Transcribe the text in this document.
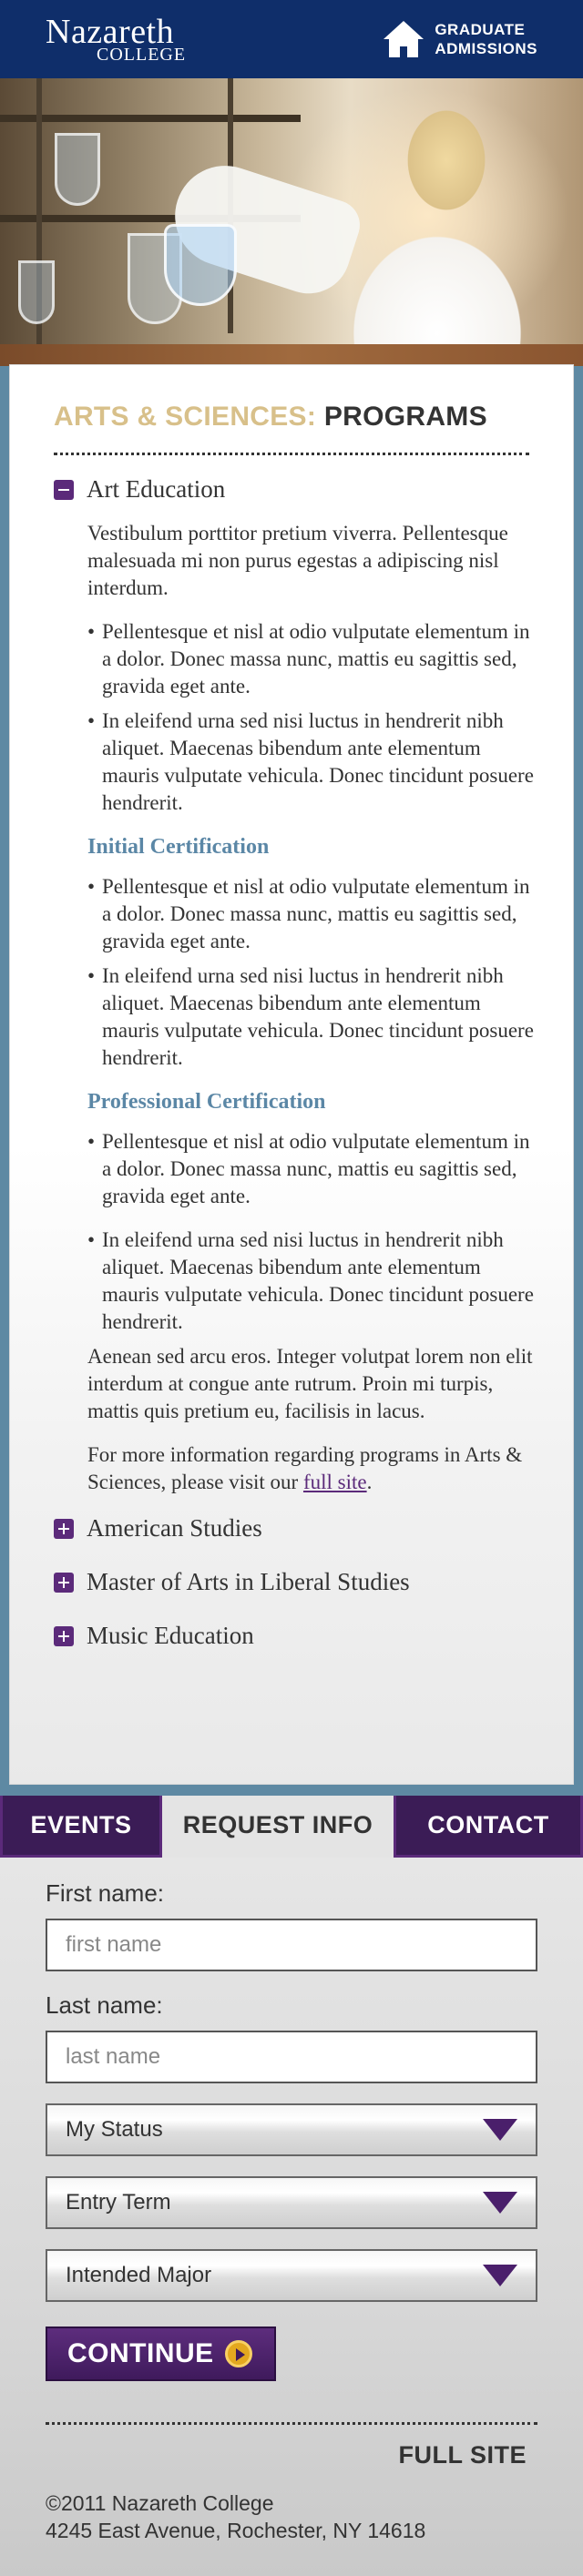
Nazareth
COLLEGE
GRADUATE
ADMISSIONS
ARTS & SCIENCES: PROGRAMS
Art Education

Vestibulum porttitor pretium viverra. Pellentesque malesuada mi non purus egestas a adipiscing nisl interdum.

• Pellentesque et nisl at odio vulputate elementum in a dolor. Donec massa nunc, mattis eu sagittis sed, gravida eget ante.
• In eleifend urna sed nisi luctus in hendrerit nibh aliquet. Maecenas bibendum ante elementum mauris vulputate vehicula. Donec tincidunt posuere hendrerit.
Initial Certification
• Pellentesque et nisl at odio vulputate elementum in a dolor. Donec massa nunc, mattis eu sagittis sed, gravida eget ante.
• In eleifend urna sed nisi luctus in hendrerit nibh aliquet. Maecenas bibendum ante elementum mauris vulputate vehicula. Donec tincidunt posuere hendrerit.
Professional Certification
• Pellentesque et nisl at odio vulputate elementum in a dolor. Donec massa nunc, mattis eu sagittis sed, gravida eget ante.
• In eleifend urna sed nisi luctus in hendrerit nibh aliquet. Maecenas bibendum ante elementum mauris vulputate vehicula. Donec tincidunt posuere hendrerit.

Aenean sed arcu eros. Integer volutpat lorem non elit interdum at congue ante rutrum. Proin mi turpis, mattis quis pretium eu, facilisis in lacus.

For more information regarding programs in Arts & Sciences, please visit our full site.

American Studies
Master of Arts in Liberal Studies
Music Education
EVENTS	REQUEST INFO	CONTACT
First name:
first name
Last name:
last name
My Status
Entry Term
Intended Major
CONTINUE
FULL SITE
©2011 Nazareth College
4245 East Avenue, Rochester, NY 14618
